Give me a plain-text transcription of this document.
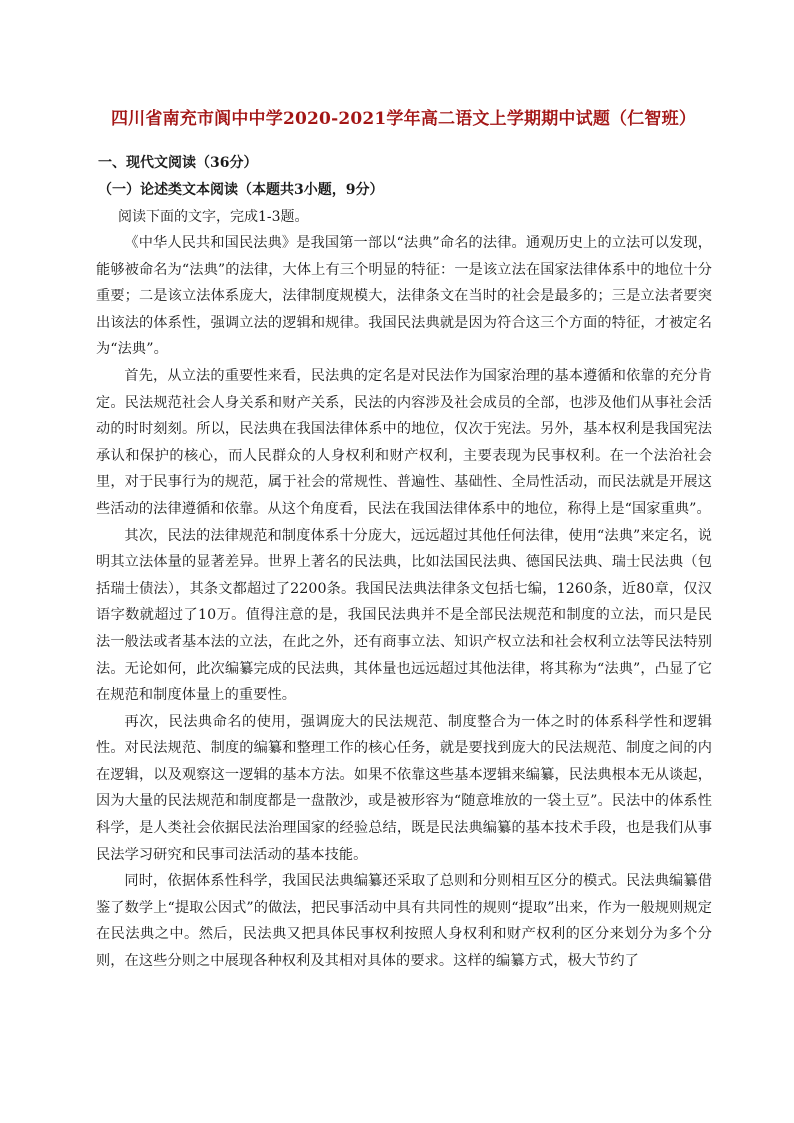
四川省南充市阆中中学2020-2021学年高二语文上学期期中试题（仁智班）
一、现代文阅读（36分）
（一）论述类文本阅读（本题共3小题，9分）
阅读下面的文字，完成1-3题。

《中华人民共和国民法典》是我国第一部以“法典”命名的法律。通观历史上的立法可以发现，能够被命名为“法典”的法律，大体上有三个明显的特征：一是该立法在国家法律体系中的地位十分重要；二是该立法体系庞大，法律制度规模大，法律条文在当时的社会是最多的；三是立法者要突出该法的体系性，强调立法的逻辑和规律。我国民法典就是因为符合这三个方面的特征，才被定名为“法典”。

首先，从立法的重要性来看，民法典的定名是对民法作为国家治理的基本遵循和依靠的充分肯定。民法规范社会人身关系和财产关系，民法的内容涉及社会成员的全部，也涉及他们从事社会活动的时时刻刻。所以，民法典在我国法律体系中的地位，仅次于宪法。另外，基本权利是我国宪法承认和保护的核心，而人民群众的人身权利和财产权利，主要表现为民事权利。在一个法治社会里，对于民事行为的规范，属于社会的常规性、普遍性、基础性、全局性活动，而民法就是开展这些活动的法律遵循和依靠。从这个角度看，民法在我国法律体系中的地位，称得上是“国家重典”。

其次，民法的法律规范和制度体系十分庞大，远远超过其他任何法律，使用“法典”来定名，说明其立法体量的显著差异。世界上著名的民法典，比如法国民法典、德国民法典、瑞士民法典（包括瑞士债法），其条文都超过了2200条。我国民法典法律条文包括七编，1260条，近80章，仅汉语字数就超过了10万。值得注意的是，我国民法典并不是全部民法规范和制度的立法，而只是民法一般法或者基本法的立法，在此之外，还有商事立法、知识产权立法和社会权利立法等民法特别法。无论如何，此次编纂完成的民法典，其体量也远远超过其他法律，将其称为“法典”，凸显了它在规范和制度体量上的重要性。

再次，民法典命名的使用，强调庞大的民法规范、制度整合为一体之时的体系科学性和逻辑性。对民法规范、制度的编纂和整理工作的核心任务，就是要找到庞大的民法规范、制度之间的内在逻辑，以及观察这一逻辑的基本方法。如果不依靠这些基本逻辑来编纂，民法典根本无从谈起，因为大量的民法规范和制度都是一盘散沙，或是被形容为“随意堆放的一袋土豆”。民法中的体系性科学，是人类社会依据民法治理国家的经验总结，既是民法典编纂的基本技术手段，也是我们从事民法学习研究和民事司法活动的基本技能。

同时，依据体系性科学，我国民法典编纂还采取了总则和分则相互区分的模式。民法典编纂借鉴了数学上“提取公因式”的做法，把民事活动中具有共同性的规则“提取”出来，作为一般规则规定在民法典之中。然后，民法典又把具体民事权利按照人身权利和财产权利的区分来划分为多个分则，在这些分则之中展现各种权利及其相对具体的要求。这样的编纂方式，极大节约了
